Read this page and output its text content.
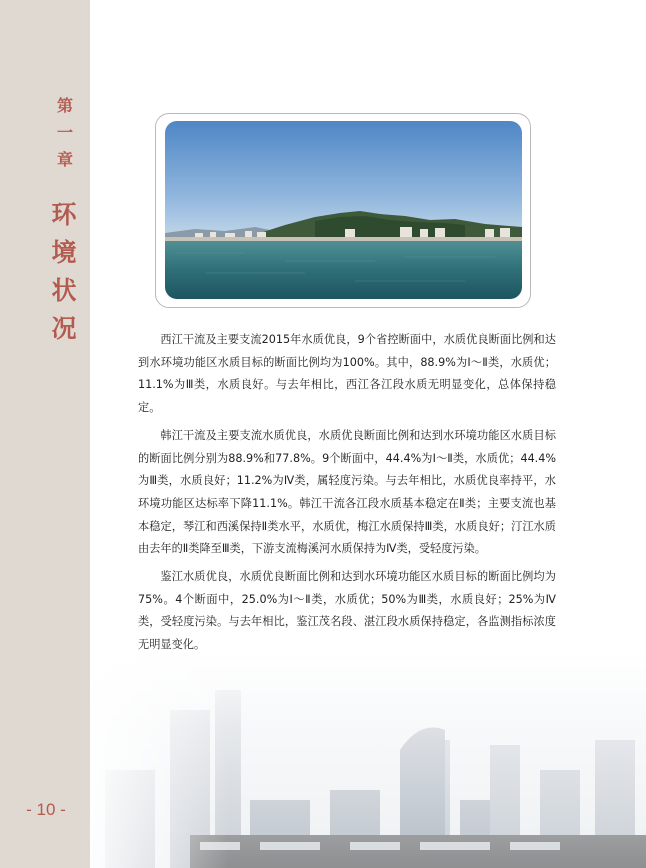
第
一
章
环
境
状
况
- 10 -

西江干流及主要支流2015年水质优良，9个省控断面中，水质优良断面比例和达到水环境功能区水质目标的断面比例均为100%。其中，88.9%为Ⅰ～Ⅱ类，水质优；11.1%为Ⅲ类，水质良好。与去年相比，西江各江段水质无明显变化，总体保持稳定。

韩江干流及主要支流水质优良，水质优良断面比例和达到水环境功能区水质目标的断面比例分别为88.9%和77.8%。9个断面中，44.4%为Ⅰ～Ⅱ类，水质优；44.4%为Ⅲ类，水质良好；11.2%为Ⅳ类，属轻度污染。与去年相比，水质优良率持平，水环境功能区达标率下降11.1%。韩江干流各江段水质基本稳定在Ⅱ类；主要支流也基本稳定，琴江和西溪保持Ⅱ类水平，水质优，梅江水质保持Ⅲ类，水质良好；汀江水质由去年的Ⅱ类降至Ⅲ类，下游支流梅溪河水质保持为Ⅳ类，受轻度污染。

鉴江水质优良，水质优良断面比例和达到水环境功能区水质目标的断面比例均为75%。4个断面中，25.0%为Ⅰ～Ⅱ类，水质优；50%为Ⅲ类，水质良好；25%为Ⅳ类，受轻度污染。与去年相比，鉴江茂名段、湛江段水质保持稳定，各监测指标浓度无明显变化。
